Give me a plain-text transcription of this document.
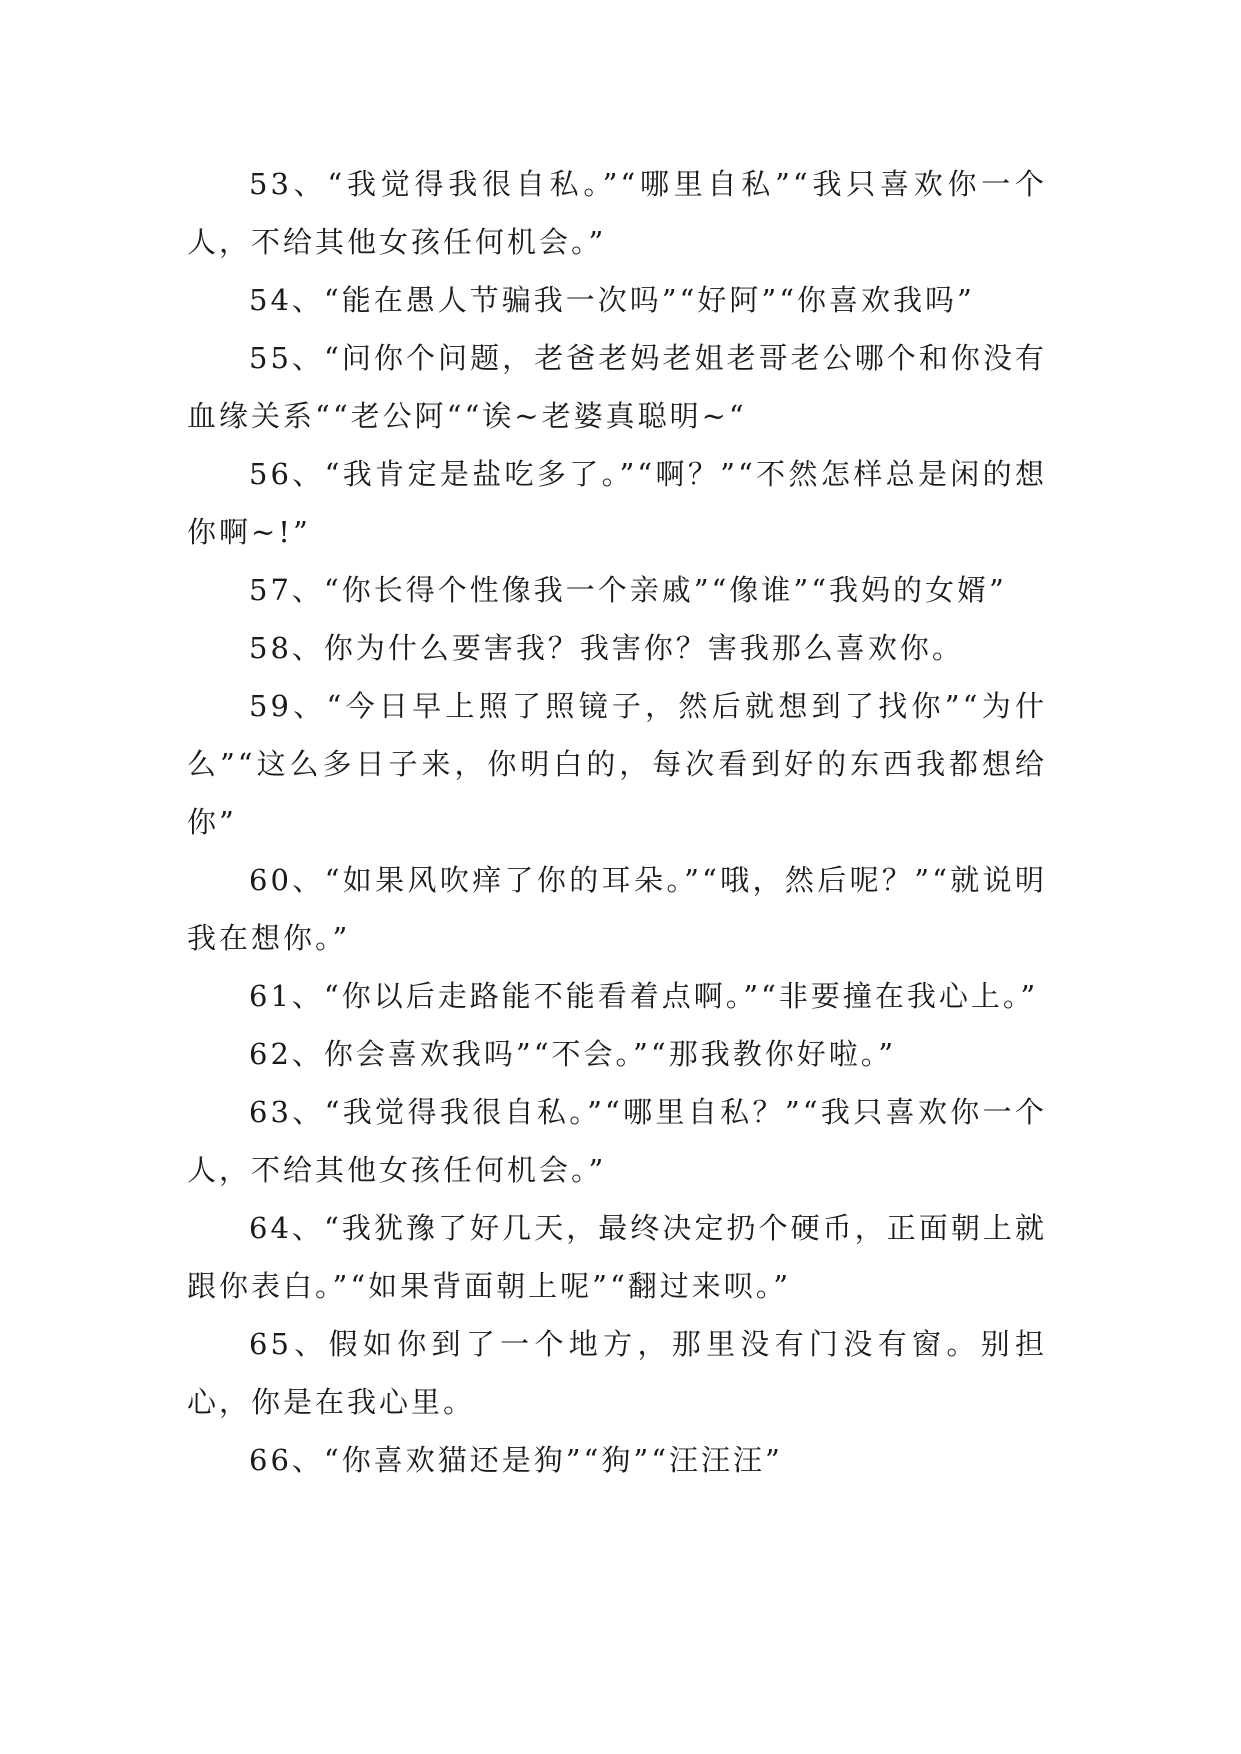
53、“我觉得我很自私。”“哪里自私”“我只喜欢你一个人，不给其他女孩任何机会。”

54、“能在愚人节骗我一次吗”“好阿”“你喜欢我吗”

55、“问你个问题，老爸老妈老姐老哥老公哪个和你没有血缘关系““老公阿““诶~老婆真聪明~“

56、“我肯定是盐吃多了。”“啊？”“不然怎样总是闲的想你啊~!”

57、“你长得个性像我一个亲戚”“像谁”“我妈的女婿”

58、你为什么要害我？我害你？害我那么喜欢你。

59、“今日早上照了照镜子，然后就想到了找你”“为什么”“这么多日子来，你明白的，每次看到好的东西我都想给你”

60、“如果风吹痒了你的耳朵。”“哦，然后呢？”“就说明我在想你。”

61、“你以后走路能不能看着点啊。”“非要撞在我心上。”

62、你会喜欢我吗”“不会。”“那我教你好啦。”

63、“我觉得我很自私。”“哪里自私？”“我只喜欢你一个人，不给其他女孩任何机会。”

64、“我犹豫了好几天，最终决定扔个硬币，正面朝上就跟你表白。”“如果背面朝上呢”“翻过来呗。”

65、假如你到了一个地方，那里没有门没有窗。别担心，你是在我心里。

66、“你喜欢猫还是狗”“狗”“汪汪汪”
